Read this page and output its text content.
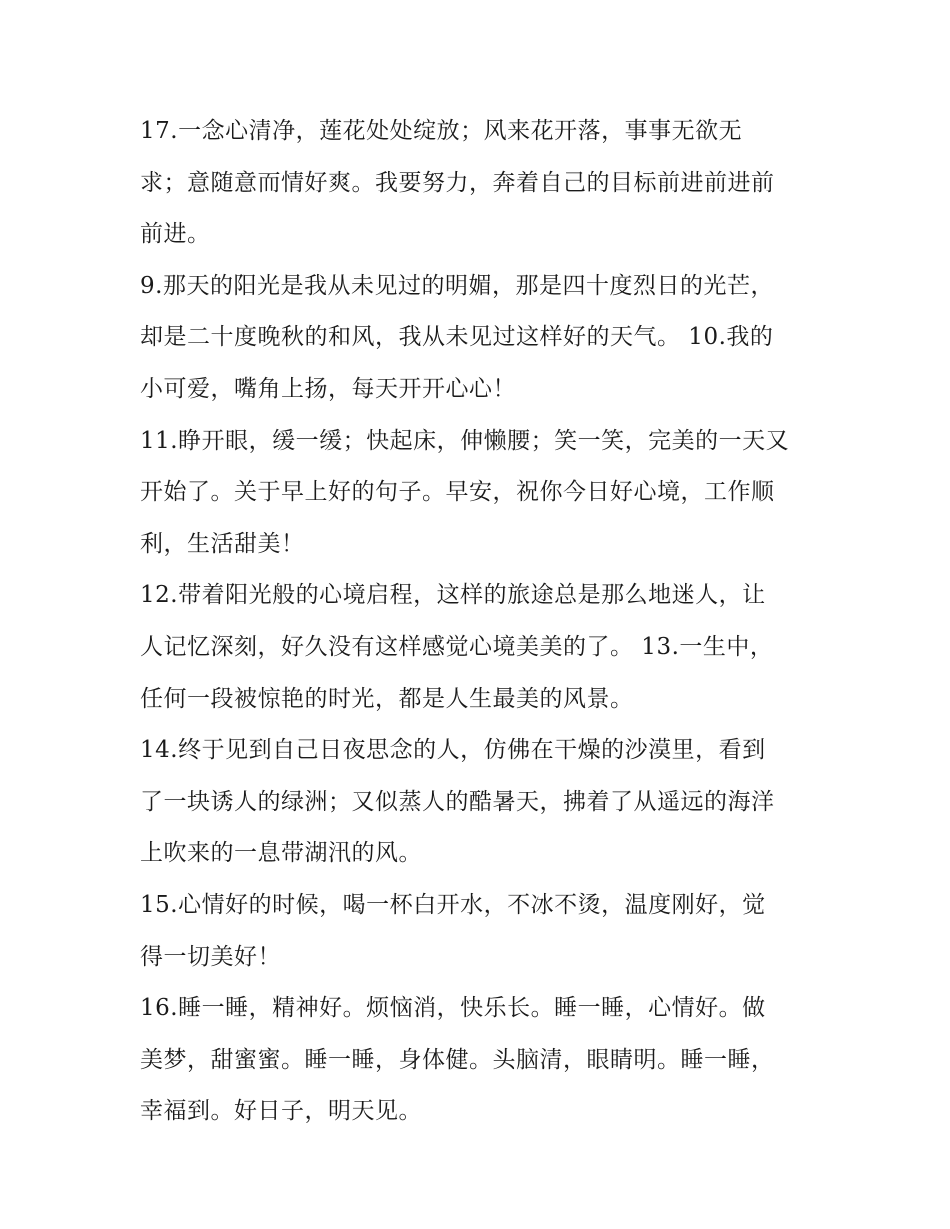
17.一念心清净，莲花处处绽放；风来花开落，事事无欲无
求；意随意而情好爽。我要努力，奔着自己的目标前进前进前
前进。
9.那天的阳光是我从未见过的明媚，那是四十度烈日的光芒，
却是二十度晚秋的和风，我从未见过这样好的天气。 10.我的
小可爱，嘴角上扬，每天开开心心！
11.睁开眼，缓一缓；快起床，伸懒腰；笑一笑，完美的一天又
开始了。关于早上好的句子。早安，祝你今日好心境，工作顺
利，生活甜美！
12.带着阳光般的心境启程，这样的旅途总是那么地迷人，让
人记忆深刻，好久没有这样感觉心境美美的了。 13.一生中，
任何一段被惊艳的时光，都是人生最美的风景。
14.终于见到自己日夜思念的人，仿佛在干燥的沙漠里，看到
了一块诱人的绿洲；又似蒸人的酷暑天，拂着了从遥远的海洋
上吹来的一息带湖汛的风。
15.心情好的时候，喝一杯白开水，不冰不烫，温度刚好，觉
得一切美好！
16.睡一睡，精神好。烦恼消，快乐长。睡一睡，心情好。做
美梦，甜蜜蜜。睡一睡，身体健。头脑清，眼睛明。睡一睡，
幸福到。好日子，明天见。
